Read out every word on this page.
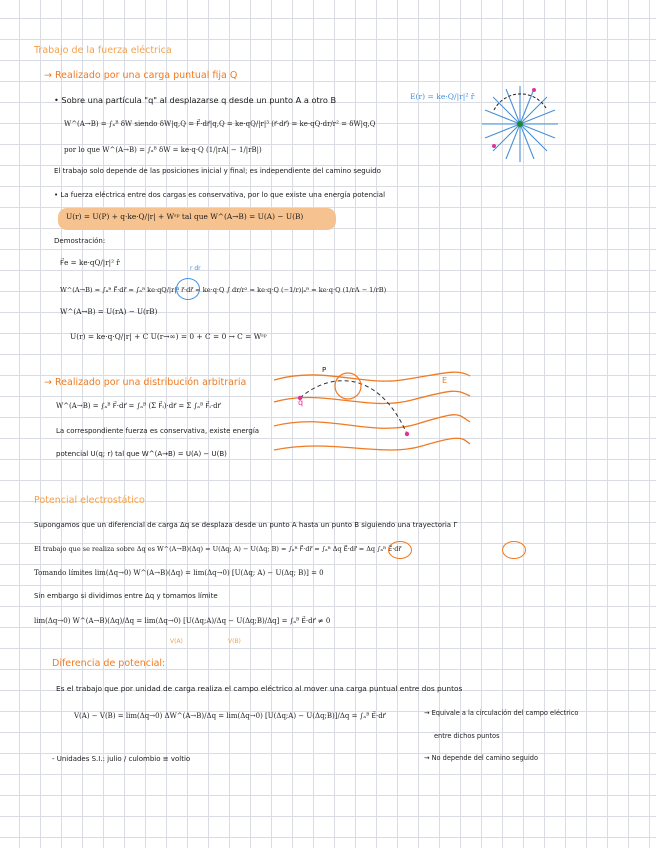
Trabajo de la fuerza eléctrica
→ Realizado por una carga puntual fija Q
• Sobre una partícula "q" al desplazarse q desde un punto A a otro B	E(r) = ke·Q/|r|² r̂
W^(A→B) = ∫ₐᴮ δW siendo δW|q,Q = F⃗·dr⃗|q,Q = ke·qQ/|r|³ (r⃗·dr⃗) = ke·qQ·dr/r² = δW|q,Q
por lo que W^(A→B) = ∫ₐᴮ δW = ke·q·Q (1/|rA| − 1/|rB|)
El trabajo solo depende de las posiciones inicial y final; es independiente del camino seguido
• La fuerza eléctrica entre dos cargas es conservativa, por lo que existe una energía potencial
U(r) = U(P) + q·ke·Q/|r| + Wˢᵖ tal que W^(A→B) = U(A) − U(B)
Demostración:
F⃗e = ke·qQ/|r|² r̂
W^(A→B) = ∫ₐᴮ F⃗·dr⃗ = ∫ₐᴮ ke·qQ/|r|³ r⃗·dr⃗ = ke·q·Q ∫ dr/r² = ke·q·Q (−1/r)|ₐᴮ = ke·q·Q (1/rA − 1/rB)
r dr
W^(A→B) = U(rA) − U(rB)
U(r) = ke·q·Q/|r| + C U(r→∞) = 0 + C = 0 → C = Wˢᵖ
→ Realizado por una distribución arbitraria
W^(A→B) = ∫ₐᴮ F⃗·dr⃗ = ∫ₐᴮ (Σ F⃗ᵢ)·dr⃗ = Σ ∫ₐᴮ F⃗ᵢ·dr⃗
La correspondiente fuerza es conservativa, existe energía
potencial U(q; r) tal que W^(A→B) = U(A) − U(B)
E
q
P
Potencial electrostático
Supongamos que un diferencial de carga Δq se desplaza desde un punto A hasta un punto B siguiendo una trayectoria Γ
El trabajo que se realiza sobre Δq es W^(A→B)(Δq) = U(Δq; A) − U(Δq; B) = ∫ₐᴮ F⃗·dr⃗ = ∫ₐᴮ Δq E⃗·dr⃗ = Δq ∫ₐᴮ E⃗·dr⃗
Tomando límites lim(Δq→0) W^(A→B)(Δq) = lim(Δq→0) [U(Δq; A) − U(Δq; B)] = 0
Sin embargo si dividimos entre Δq y tomamos límite
lim(Δq→0) W^(A→B)(Δq)/Δq = lim(Δq→0) [U(Δq;A)/Δq − U(Δq;B)/Δq] = ∫ₐᴮ E⃗·dr⃗ ≠ 0
V(A)	V(B)
Diferencia de potencial:
Es el trabajo que por unidad de carga realiza el campo eléctrico al mover una carga puntual entre dos puntos
V(A) − V(B) = lim(Δq→0) ΔW^(A→B)/Δq = lim(Δq→0) [U(Δq;A) − U(Δq;B)]/Δq = ∫ₐᴮ E⃗·dr⃗	→ Equivale a la circulación del campo eléctrico
entre dichos puntos
- Unidades S.I.: julio / culombio ≡ voltio	→ No depende del camino seguido
